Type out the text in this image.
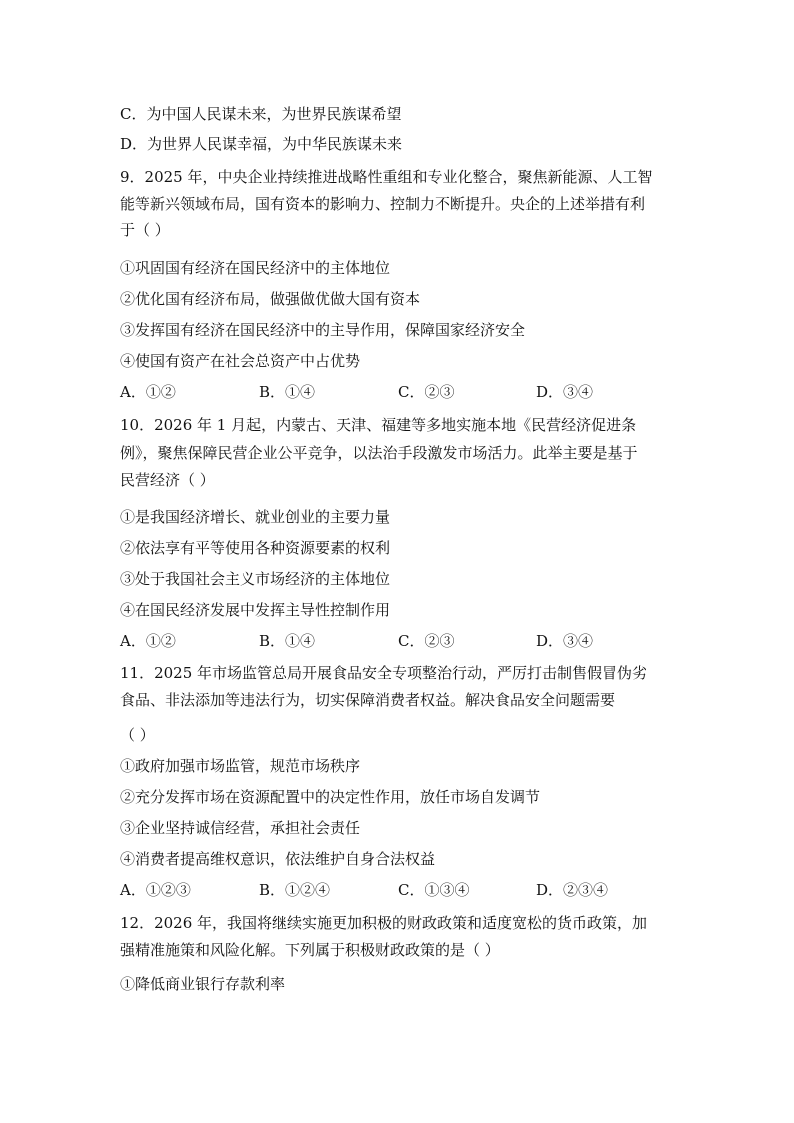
C．为中国人民谋未来，为世界民族谋希望
D．为世界人民谋幸福，为中华民族谋未来
9．2025 年，中央企业持续推进战略性重组和专业化整合，聚焦新能源、人工智
能等新兴领域布局，国有资本的影响力、控制力不断提升。央企的上述举措有利
于（ ）
①巩固国有经济在国民经济中的主体地位
②优化国有经济布局，做强做优做大国有资本
③发挥国有经济在国民经济中的主导作用，保障国家经济安全
④使国有资产在社会总资产中占优势
A．①②	B．①④	C．②③	D．③④
10．2026 年 1 月起，内蒙古、天津、福建等多地实施本地《民营经济促进条
例》，聚焦保障民营企业公平竞争，以法治手段激发市场活力。此举主要是基于
民营经济（ ）
①是我国经济增长、就业创业的主要力量
②依法享有平等使用各种资源要素的权利
③处于我国社会主义市场经济的主体地位
④在国民经济发展中发挥主导性控制作用
A．①②	B．①④	C．②③	D．③④
11．2025 年市场监管总局开展食品安全专项整治行动，严厉打击制售假冒伪劣
食品、非法添加等违法行为，切实保障消费者权益。解决食品安全问题需要
（ ）
①政府加强市场监管，规范市场秩序
②充分发挥市场在资源配置中的决定性作用，放任市场自发调节
③企业坚持诚信经营，承担社会责任
④消费者提高维权意识，依法维护自身合法权益
A．①②③	B．①②④	C．①③④	D．②③④
12．2026 年，我国将继续实施更加积极的财政政策和适度宽松的货币政策，加
强精准施策和风险化解。下列属于积极财政政策的是（ ）
①降低商业银行存款利率
